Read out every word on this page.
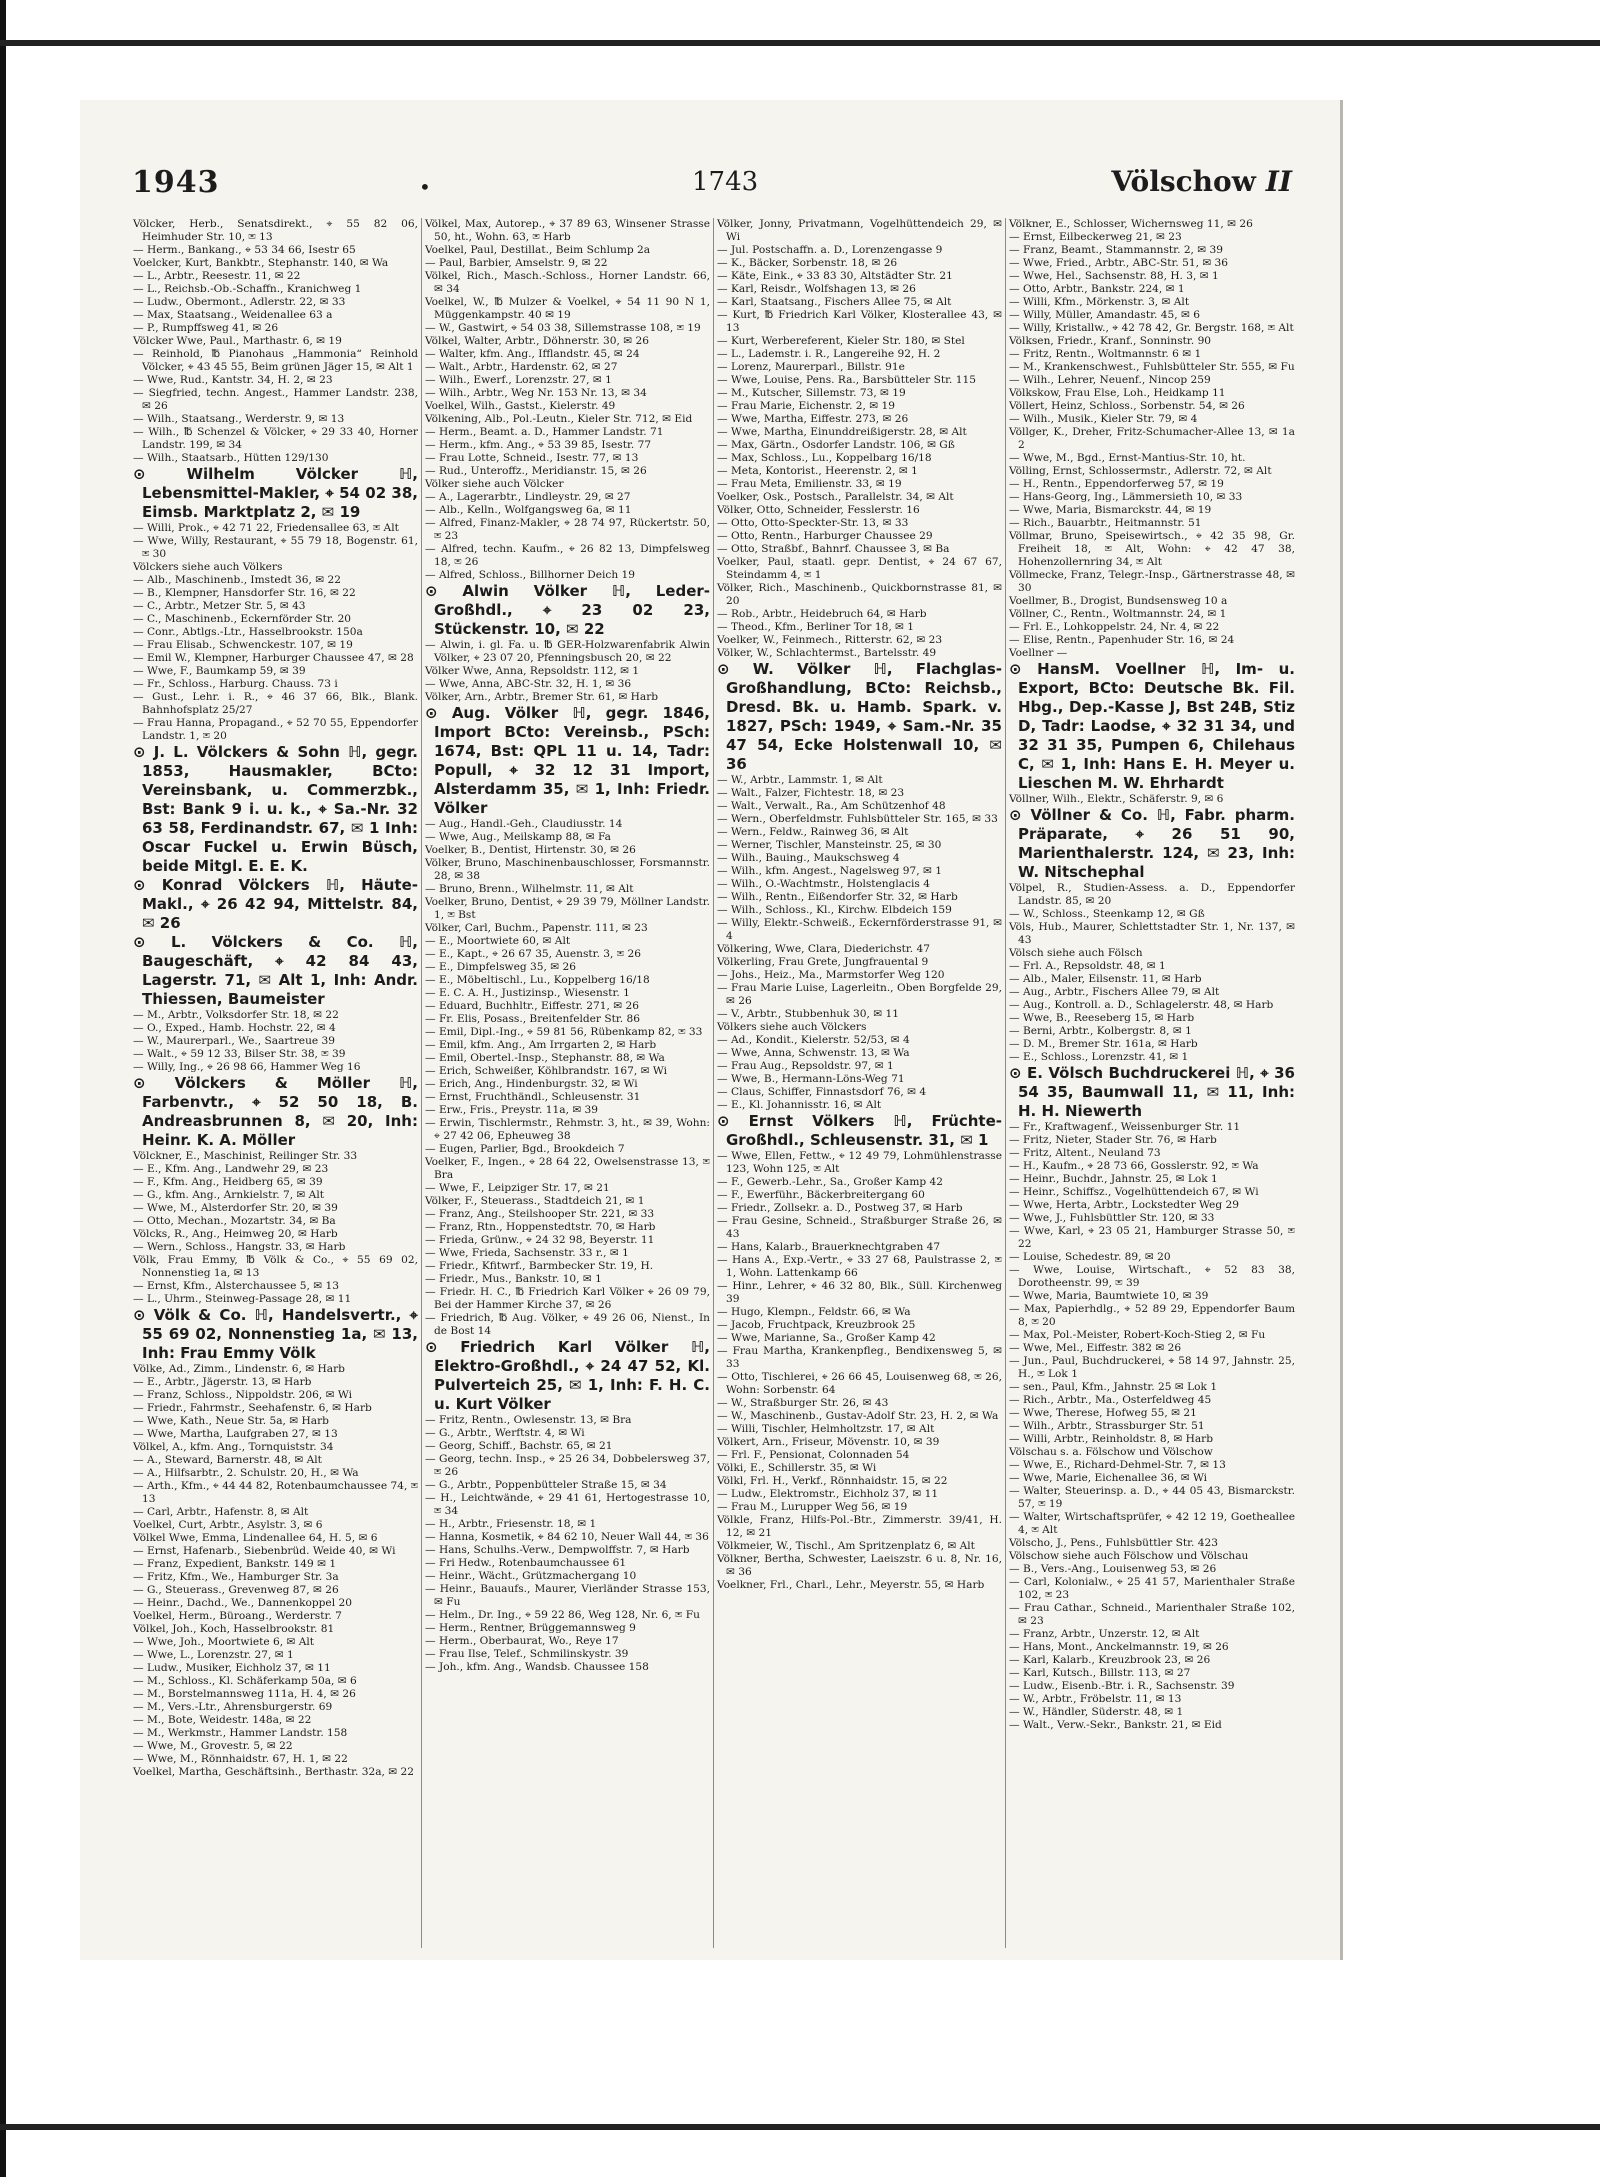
1943	•	1743	Völschow II
Völcker, Herb., Senatsdirekt., ⌖ 55 82 06, Heimhuder Str. 10, ✉ 13
— Herm., Bankang., ⌖ 53 34 66, Isestr 65
Voelcker, Kurt, Bankbtr., Stephanstr. 140, ✉ Wa
— L., Arbtr., Reesestr. 11, ✉ 22
— L., Reichsb.-Ob.-Schaffn., Kranichweg 1
— Ludw., Obermont., Adlerstr. 22, ✉ 33
— Max, Staatsang., Weidenallee 63 a
— P., Rumpffsweg 41, ✉ 26
Völcker Wwe, Paul., Marthastr. 6, ✉ 19
— Reinhold, ℔ Pianohaus „Hammonia“ Reinhold Völcker, ⌖ 43 45 55, Beim grünen Jäger 15, ✉ Alt 1
— Wwe, Rud., Kantstr. 34, H. 2, ✉ 23
— Siegfried, techn. Angest., Hammer Landstr. 238, ✉ 26
— Wilh., Staatsang., Werderstr. 9, ✉ 13
— Wilh., ℔ Schenzel & Völcker, ⌖ 29 33 40, Horner Landstr. 199, ✉ 34
— Wilh., Staatsarb., Hütten 129/130
⊙ Wilhelm Völcker ℍ, Lebensmittel-Makler, ⌖ 54 02 38, Eimsb. Marktplatz 2, ✉ 19
— Willi, Prok., ⌖ 42 71 22, Friedensallee 63, ✉ Alt
— Wwe, Willy, Restaurant, ⌖ 55 79 18, Bogenstr. 61, ✉ 30
Völckers siehe auch Völkers
— Alb., Maschinenb., Imstedt 36, ✉ 22
— B., Klempner, Hansdorfer Str. 16, ✉ 22
— C., Arbtr., Metzer Str. 5, ✉ 43
— C., Maschinenb., Eckernförder Str. 20
— Conr., Abtlgs.-Ltr., Hasselbrookstr. 150a
— Frau Elisab., Schwenckestr. 107, ✉ 19
— Emil W., Klempner, Harburger Chaussee 47, ✉ 28
— Wwe, F., Baumkamp 59, ✉ 39
— Fr., Schloss., Harburg. Chauss. 73 i
— Gust., Lehr. i. R., ⌖ 46 37 66, Blk., Blank. Bahnhofsplatz 25/27
— Frau Hanna, Propagand., ⌖ 52 70 55, Eppendorfer Landstr. 1, ✉ 20
⊙ J. L. Völckers & Sohn ℍ, gegr. 1853, Hausmakler, BCto: Vereinsbank, u. Commerzbk., Bst: Bank 9 i. u. k., ⌖ Sa.-Nr. 32 63 58, Ferdinandstr. 67, ✉ 1 Inh: Oscar Fuckel u. Erwin Büsch, beide Mitgl. E. E. K.
⊙ Konrad Völckers ℍ, Häute-Makl., ⌖ 26 42 94, Mittelstr. 84, ✉ 26
⊙ L. Völckers & Co. ℍ, Baugeschäft, ⌖ 42 84 43, Lagerstr. 71, ✉ Alt 1, Inh: Andr. Thiessen, Baumeister
— M., Arbtr., Volksdorfer Str. 18, ✉ 22
— O., Exped., Hamb. Hochstr. 22, ✉ 4
— W., Maurerparl., We., Saartreue 39
— Walt., ⌖ 59 12 33, Bilser Str. 38, ✉ 39
— Willy, Ing., ⌖ 26 98 66, Hammer Weg 16
⊙ Völckers & Möller ℍ, Farbenvtr., ⌖ 52 50 18, B. Andreasbrunnen 8, ✉ 20, Inh: Heinr. K. A. Möller
Völckner, E., Maschinist, Reilinger Str. 33
— E., Kfm. Ang., Landwehr 29, ✉ 23
— F., Kfm. Ang., Heidberg 65, ✉ 39
— G., kfm. Ang., Arnkielstr. 7, ✉ Alt
— Wwe, M., Alsterdorfer Str. 20, ✉ 39
— Otto, Mechan., Mozartstr. 34, ✉ Ba
Völcks, R., Ang., Heimweg 20, ✉ Harb
— Wern., Schloss., Hangstr. 33, ✉ Harb
Völk, Frau Emmy, ℔ Völk & Co., ⌖ 55 69 02, Nonnenstieg 1a, ✉ 13
— Ernst, Kfm., Alsterchaussee 5, ✉ 13
— L., Uhrm., Steinweg-Passage 28, ✉ 11
⊙ Völk & Co. ℍ, Handelsvertr., ⌖ 55 69 02, Nonnenstieg 1a, ✉ 13, Inh: Frau Emmy Völk
Völke, Ad., Zimm., Lindenstr. 6, ✉ Harb
— E., Arbtr., Jägerstr. 13, ✉ Harb
— Franz, Schloss., Nippoldstr. 206, ✉ Wi
— Friedr., Fahrmstr., Seehafenstr. 6, ✉ Harb
— Wwe, Kath., Neue Str. 5a, ✉ Harb
— Wwe, Martha, Laufgraben 27, ✉ 13
Völkel, A., kfm. Ang., Tornquiststr. 34
— A., Steward, Barnerstr. 48, ✉ Alt
— A., Hilfsarbtr., 2. Schulstr. 20, H., ✉ Wa
— Arth., Kfm., ⌖ 44 44 82, Rotenbaumchaussee 74, ✉ 13
— Carl, Arbtr., Hafenstr. 8, ✉ Alt
Voelkel, Curt, Arbtr., Asylstr. 3, ✉ 6
Völkel Wwe, Emma, Lindenallee 64, H. 5, ✉ 6
— Ernst, Hafenarb., Siebenbrüd. Weide 40, ✉ Wi
— Franz, Expedient, Bankstr. 149 ✉ 1
— Fritz, Kfm., We., Hamburger Str. 3a
— G., Steuerass., Grevenweg 87, ✉ 26
— Heinr., Dachd., We., Dannenkoppel 20
Voelkel, Herm., Büroang., Werderstr. 7
Völkel, Joh., Koch, Hasselbrookstr. 81
— Wwe, Joh., Moortwiete 6, ✉ Alt
— Wwe, L., Lorenzstr. 27, ✉ 1
— Ludw., Musiker, Eichholz 37, ✉ 11
— M., Schloss., Kl. Schäferkamp 50a, ✉ 6
— M., Borstelmannsweg 111a, H. 4, ✉ 26
— M., Vers.-Ltr., Ahrensburgerstr. 69
— M., Bote, Weidestr. 148a, ✉ 22
— M., Werkmstr., Hammer Landstr. 158
— Wwe, M., Grovestr. 5, ✉ 22
— Wwe, M., Rönnhaidstr. 67, H. 1, ✉ 22
Voelkel, Martha, Geschäftsinh., Berthastr. 32a, ✉ 22
Völkel, Max, Autorep., ⌖ 37 89 63, Winsener Strasse 50, ht., Wohn. 63, ✉ Harb
Voelkel, Paul, Destillat., Beim Schlump 2a
— Paul, Barbier, Amselstr. 9, ✉ 22
Völkel, Rich., Masch.-Schloss., Horner Landstr. 66, ✉ 34
Voelkel, W., ℔ Mulzer & Voelkel, ⌖ 54 11 90 N 1, Müggenkampstr. 40 ✉ 19
— W., Gastwirt, ⌖ 54 03 38, Sillemstrasse 108, ✉ 19
Völkel, Walter, Arbtr., Döhnerstr. 30, ✉ 26
— Walter, kfm. Ang., Ifflandstr. 45, ✉ 24
— Walt., Arbtr., Hardenstr. 62, ✉ 27
— Wilh., Ewerf., Lorenzstr. 27, ✉ 1
— Wilh., Arbtr., Weg Nr. 153 Nr. 13, ✉ 34
Voelkel, Wilh., Gastst., Kielerstr. 49
Völkening, Alb., Pol.-Leutn., Kieler Str. 712, ✉ Eid
— Herm., Beamt. a. D., Hammer Landstr. 71
— Herm., kfm. Ang., ⌖ 53 39 85, Isestr. 77
— Frau Lotte, Schneid., Isestr. 77, ✉ 13
— Rud., Unteroffz., Meridianstr. 15, ✉ 26
Völker siehe auch Völcker
— A., Lagerarbtr., Lindleystr. 29, ✉ 27
— Alb., Kelln., Wolfgangsweg 6a, ✉ 11
— Alfred, Finanz-Makler, ⌖ 28 74 97, Rückertstr. 50, ✉ 23
— Alfred, techn. Kaufm., ⌖ 26 82 13, Dimpfelsweg 18, ✉ 26
— Alfred, Schloss., Billhorner Deich 19
⊙ Alwin Völker ℍ, Leder-Großhdl., ⌖ 23 02 23, Stückenstr. 10, ✉ 22
— Alwin, i. gl. Fa. u. ℔ GER-Holzwarenfabrik Alwin Völker, ⌖ 23 07 20, Pfenningsbusch 20, ✉ 22
Völker Wwe, Anna, Repsoldstr. 112, ✉ 1
— Wwe, Anna, ABC-Str. 32, H. 1, ✉ 36
Völker, Arn., Arbtr., Bremer Str. 61, ✉ Harb
⊙ Aug. Völker ℍ, gegr. 1846, Import BCto: Vereinsb., PSch: 1674, Bst: QPL 11 u. 14, Tadr: Popull, ⌖ 32 12 31 Import, Alsterdamm 35, ✉ 1, Inh: Friedr. Völker
— Aug., Handl.-Geh., Claudiusstr. 14
— Wwe, Aug., Meilskamp 88, ✉ Fa
Voelker, B., Dentist, Hirtenstr. 30, ✉ 26
Völker, Bruno, Maschinenbauschlosser, Forsmannstr. 28, ✉ 38
— Bruno, Brenn., Wilhelmstr. 11, ✉ Alt
Voelker, Bruno, Dentist, ⌖ 29 39 79, Möllner Landstr. 1, ✉ Bst
Völker, Carl, Buchm., Papenstr. 111, ✉ 23
— E., Moortwiete 60, ✉ Alt
— E., Kapt., ⌖ 26 67 35, Auenstr. 3, ✉ 26
— E., Dimpfelsweg 35, ✉ 26
— E., Möbeltischl., Lu., Koppelberg 16/18
— E. C. A. H., Justizinsp., Wiesenstr. 1
— Eduard, Buchhltr., Eiffestr. 271, ✉ 26
— Fr. Elis, Posass., Breitenfelder Str. 86
— Emil, Dipl.-Ing., ⌖ 59 81 56, Rübenkamp 82, ✉ 33
— Emil, kfm. Ang., Am Irrgarten 2, ✉ Harb
— Emil, Obertel.-Insp., Stephanstr. 88, ✉ Wa
— Erich, Schweißer, Köhlbrandstr. 167, ✉ Wi
— Erich, Ang., Hindenburgstr. 32, ✉ Wi
— Ernst, Fruchthändl., Schleusenstr. 31
— Erw., Fris., Preystr. 11a, ✉ 39
— Erwin, Tischlermstr., Rehmstr. 3, ht., ✉ 39, Wohn: ⌖ 27 42 06, Epheuweg 38
— Eugen, Parlier, Bgd., Brookdeich 7
Voelker, F., Ingen., ⌖ 28 64 22, Owelsenstrasse 13, ✉ Bra
— Wwe, F., Leipziger Str. 17, ✉ 21
Völker, F., Steuerass., Stadtdeich 21, ✉ 1
— Franz, Ang., Steilshooper Str. 221, ✉ 33
— Franz, Rtn., Hoppenstedtstr. 70, ✉ Harb
— Frieda, Grünw., ⌖ 24 32 98, Beyerstr. 11
— Wwe, Frieda, Sachsenstr. 33 r., ✉ 1
— Friedr., Kfitwrf., Barmbecker Str. 19, H.
— Friedr., Mus., Bankstr. 10, ✉ 1
— Friedr. H. C., ℔ Friedrich Karl Völker ⌖ 26 09 79, Bei der Hammer Kirche 37, ✉ 26
— Friedrich, ℔ Aug. Völker, ⌖ 49 26 06, Nienst., In de Bost 14
⊙ Friedrich Karl Völker ℍ, Elektro-Großhdl., ⌖ 24 47 52, Kl. Pulverteich 25, ✉ 1, Inh: F. H. C. u. Kurt Völker
— Fritz, Rentn., Owlesenstr. 13, ✉ Bra
— G., Arbtr., Werftstr. 4, ✉ Wi
— Georg, Schiff., Bachstr. 65, ✉ 21
— Georg, techn. Insp., ⌖ 25 26 34, Dobbelersweg 37, ✉ 26
— G., Arbtr., Poppenbütteler Straße 15, ✉ 34
— H., Leichtwände, ⌖ 29 41 61, Hertogestrasse 10, ✉ 34
— H., Arbtr., Friesenstr. 18, ✉ 1
— Hanna, Kosmetik, ⌖ 84 62 10, Neuer Wall 44, ✉ 36
— Hans, Schulhs.-Verw., Dempwolffstr. 7, ✉ Harb
— Fri Hedw., Rotenbaumchaussee 61
— Heinr., Wächt., Grützmachergang 10
— Heinr., Bauaufs., Maurer, Vierländer Strasse 153, ✉ Fu
— Helm., Dr. Ing., ⌖ 59 22 86, Weg 128, Nr. 6, ✉ Fu
— Herm., Rentner, Brüggemannsweg 9
— Herm., Oberbaurat, Wo., Reye 17
— Frau Ilse, Telef., Schmilinskystr. 39
— Joh., kfm. Ang., Wandsb. Chaussee 158
Völker, Jonny, Privatmann, Vogelhüttendeich 29, ✉ Wi
— Jul. Postschaffn. a. D., Lorenzengasse 9
— K., Bäcker, Sorbenstr. 18, ✉ 26
— Käte, Eink., ⌖ 33 83 30, Altstädter Str. 21
— Karl, Reisdr., Wolfshagen 13, ✉ 26
— Karl, Staatsang., Fischers Allee 75, ✉ Alt
— Kurt, ℔ Friedrich Karl Völker, Klosterallee 43, ✉ 13
— Kurt, Werbereferent, Kieler Str. 180, ✉ Stel
— L., Lademstr. i. R., Langereihe 92, H. 2
— Lorenz, Maurerparl., Billstr. 91e
— Wwe, Louise, Pens. Ra., Barsbütteler Str. 115
— M., Kutscher, Sillemstr. 73, ✉ 19
— Frau Marie, Eichenstr. 2, ✉ 19
— Wwe, Martha, Eiffestr. 273, ✉ 26
— Wwe, Martha, Einunddreißigerstr. 28, ✉ Alt
— Max, Gärtn., Osdorfer Landstr. 106, ✉ Gß
— Max, Schloss., Lu., Koppelbarg 16/18
— Meta, Kontorist., Heerenstr. 2, ✉ 1
— Frau Meta, Emilienstr. 33, ✉ 19
Voelker, Osk., Postsch., Parallelstr. 34, ✉ Alt
Völker, Otto, Schneider, Fesslerstr. 16
— Otto, Otto-Speckter-Str. 13, ✉ 33
— Otto, Rentn., Harburger Chaussee 29
— Otto, Straßbf., Bahnrf. Chaussee 3, ✉ Ba
Voelker, Paul, staatl. gepr. Dentist, ⌖ 24 67 67, Steindamm 4, ✉ 1
Völker, Rich., Maschinenb., Quickbornstrasse 81, ✉ 20
— Rob., Arbtr., Heidebruch 64, ✉ Harb
— Theod., Kfm., Berliner Tor 18, ✉ 1
Voelker, W., Feinmech., Ritterstr. 62, ✉ 23
Völker, W., Schlachtermst., Bartelsstr. 49
⊙ W. Völker ℍ, Flachglas-Großhandlung, BCto: Reichsb., Dresd. Bk. u. Hamb. Spark. v. 1827, PSch: 1949, ⌖ Sam.-Nr. 35 47 54, Ecke Holstenwall 10, ✉ 36
— W., Arbtr., Lammstr. 1, ✉ Alt
— Walt., Falzer, Fichtestr. 18, ✉ 23
— Walt., Verwalt., Ra., Am Schützenhof 48
— Wern., Oberfeldmstr. Fuhlsbütteler Str. 165, ✉ 33
— Wern., Feldw., Rainweg 36, ✉ Alt
— Werner, Tischler, Mansteinstr. 25, ✉ 30
— Wilh., Bauing., Maukschsweg 4
— Wilh., kfm. Angest., Nagelsweg 97, ✉ 1
— Wilh., O.-Wachtmstr., Holstenglacis 4
— Wilh., Rentn., Eißendorfer Str. 32, ✉ Harb
— Wilh., Schloss., Kl., Kirchw. Elbdeich 159
— Willy, Elektr.-Schweiß., Eckernförderstrasse 91, ✉ 4
Völkering, Wwe, Clara, Diederichstr. 47
Völkerling, Frau Grete, Jungfrauental 9
— Johs., Heiz., Ma., Marmstorfer Weg 120
— Frau Marie Luise, Lagerleitn., Oben Borgfelde 29, ✉ 26
— V., Arbtr., Stubbenhuk 30, ✉ 11
Völkers siehe auch Völckers
— Ad., Kondit., Kielerstr. 52/53, ✉ 4
— Wwe, Anna, Schwenstr. 13, ✉ Wa
— Frau Aug., Repsoldstr. 97, ✉ 1
— Wwe, B., Hermann-Löns-Weg 71
— Claus, Schiffer, Finnastsdorf 76, ✉ 4
— E., Kl. Johannisstr. 16, ✉ Alt
⊙ Ernst Völkers ℍ, Früchte-Großhdl., Schleusenstr. 31, ✉ 1
— Wwe, Ellen, Fettw., ⌖ 12 49 79, Lohmühlenstrasse 123, Wohn 125, ✉ Alt
— F., Gewerb.-Lehr., Sa., Großer Kamp 42
— F., Ewerführ., Bäckerbreitergang 60
— Friedr., Zollsekr. a. D., Postweg 37, ✉ Harb
— Frau Gesine, Schneid., Straßburger Straße 26, ✉ 43
— Hans, Kalarb., Brauerknechtgraben 47
— Hans A., Exp.-Vertr., ⌖ 33 27 68, Paulstrasse 2, ✉ 1, Wohn. Lattenkamp 66
— Hinr., Lehrer, ⌖ 46 32 80, Blk., Süll. Kirchenweg 39
— Hugo, Klempn., Feldstr. 66, ✉ Wa
— Jacob, Fruchtpack, Kreuzbrook 25
— Wwe, Marianne, Sa., Großer Kamp 42
— Frau Martha, Krankenpfleg., Bendixensweg 5, ✉ 33
— Otto, Tischlerei, ⌖ 26 66 45, Louisenweg 68, ✉ 26, Wohn: Sorbenstr. 64
— W., Straßburger Str. 26, ✉ 43
— W., Maschinenb., Gustav-Adolf Str. 23, H. 2, ✉ Wa
— Willi, Tischler, Helmholtzstr. 17, ✉ Alt
Völkert, Arn., Friseur, Mövenstr. 10, ✉ 39
— Frl. F., Pensionat, Colonnaden 54
Völki, E., Schillerstr. 35, ✉ Wi
Völkl, Frl. H., Verkf., Rönnhaidstr. 15, ✉ 22
— Ludw., Elektromstr., Eichholz 37, ✉ 11
— Frau M., Lurupper Weg 56, ✉ 19
Völkle, Franz, Hilfs-Pol.-Btr., Zimmerstr. 39/41, H. 12, ✉ 21
Völkmeier, W., Tischl., Am Spritzenplatz 6, ✉ Alt
Völkner, Bertha, Schwester, Laeiszstr. 6 u. 8, Nr. 16, ✉ 36
Voelkner, Frl., Charl., Lehr., Meyerstr. 55, ✉ Harb
Völkner, E., Schlosser, Wichernsweg 11, ✉ 26
— Ernst, Eilbeckerweg 21, ✉ 23
— Franz, Beamt., Stammannstr. 2, ✉ 39
— Wwe, Fried., Arbtr., ABC-Str. 51, ✉ 36
— Wwe, Hel., Sachsenstr. 88, H. 3, ✉ 1
— Otto, Arbtr., Bankstr. 224, ✉ 1
— Willi, Kfm., Mörkenstr. 3, ✉ Alt
— Willy, Müller, Amandastr. 45, ✉ 6
— Willy, Kristallw., ⌖ 42 78 42, Gr. Bergstr. 168, ✉ Alt
Völksen, Friedr., Kranf., Sonninstr. 90
— Fritz, Rentn., Woltmannstr. 6 ✉ 1
— M., Krankenschwest., Fuhlsbütteler Str. 555, ✉ Fu
— Wilh., Lehrer, Neuenf., Nincop 259
Völkskow, Frau Else, Loh., Heidkamp 11
Völlert, Heinz, Schloss., Sorbenstr. 54, ✉ 26
— Wilh., Musik., Kieler Str. 79, ✉ 4
Völlger, K., Dreher, Fritz-Schumacher-Allee 13, ✉ 1a 2
— Wwe, M., Bgd., Ernst-Mantius-Str. 10, ht.
Völling, Ernst, Schlossermstr., Adlerstr. 72, ✉ Alt
— H., Rentn., Eppendorferweg 57, ✉ 19
— Hans-Georg, Ing., Lämmersieth 10, ✉ 33
— Wwe, Maria, Bismarckstr. 44, ✉ 19
— Rich., Bauarbtr., Heitmannstr. 51
Völlmar, Bruno, Speisewirtsch., ⌖ 42 35 98, Gr. Freiheit 18, ✉ Alt, Wohn: ⌖ 42 47 38, Hohenzollernring 34, ✉ Alt
Völlmecke, Franz, Telegr.-Insp., Gärtnerstrasse 48, ✉ 30
Voellmer, B., Drogist, Bundsensweg 10 a
Völlner, C., Rentn., Woltmannstr. 24, ✉ 1
— Frl. E., Lohkoppelstr. 24, Nr. 4, ✉ 22
— Elise, Rentn., Papenhuder Str. 16, ✉ 24
Voellner —
⊙ HansM. Voellner ℍ, Im- u. Export, BCto: Deutsche Bk. Fil. Hbg., Dep.-Kasse J, Bst 24B, Stiz D, Tadr: Laodse, ⌖ 32 31 34, und 32 31 35, Pumpen 6, Chilehaus C, ✉ 1, Inh: Hans E. H. Meyer u. Lieschen M. W. Ehrhardt
Völlner, Wilh., Elektr., Schäferstr. 9, ✉ 6
⊙ Völlner & Co. ℍ, Fabr. pharm. Präparate, ⌖ 26 51 90, Marienthalerstr. 124, ✉ 23, Inh: W. Nitschephal
Völpel, R., Studien-Assess. a. D., Eppendorfer Landstr. 85, ✉ 20
— W., Schloss., Steenkamp 12, ✉ Gß
Völs, Hub., Maurer, Schlettstadter Str. 1, Nr. 137, ✉ 43
Völsch siehe auch Fölsch
— Frl. A., Repsoldstr. 48, ✉ 1
— Alb., Maler, Eilsenstr. 11, ✉ Harb
— Aug., Arbtr., Fischers Allee 79, ✉ Alt
— Aug., Kontroll. a. D., Schlagelerstr. 48, ✉ Harb
— Wwe, B., Reeseberg 15, ✉ Harb
— Berni, Arbtr., Kolbergstr. 8, ✉ 1
— D. M., Bremer Str. 161a, ✉ Harb
— E., Schloss., Lorenzstr. 41, ✉ 1
⊙ E. Völsch Buchdruckerei ℍ, ⌖ 36 54 35, Baumwall 11, ✉ 11, Inh: H. H. Niewerth
— Fr., Kraftwagenf., Weissenburger Str. 11
— Fritz, Nieter, Stader Str. 76, ✉ Harb
— Fritz, Altent., Neuland 73
— H., Kaufm., ⌖ 28 73 66, Gosslerstr. 92, ✉ Wa
— Heinr., Buchdr., Jahnstr. 25, ✉ Lok 1
— Heinr., Schiffsz., Vogelhüttendeich 67, ✉ Wi
— Wwe, Herta, Arbtr., Lockstedter Weg 29
— Wwe, J., Fuhlsbüttler Str. 120, ✉ 33
— Wwe, Karl, ⌖ 23 05 21, Hamburger Strasse 50, ✉ 22
— Louise, Schedestr. 89, ✉ 20
— Wwe, Louise, Wirtschaft., ⌖ 52 83 38, Dorotheenstr. 99, ✉ 39
— Wwe, Maria, Baumtwiete 10, ✉ 39
— Max, Papierhdlg., ⌖ 52 89 29, Eppendorfer Baum 8, ✉ 20
— Max, Pol.-Meister, Robert-Koch-Stieg 2, ✉ Fu
— Wwe, Mel., Eiffestr. 382 ✉ 26
— Jun., Paul, Buchdruckerei, ⌖ 58 14 97, Jahnstr. 25, H., ✉ Lok 1
— sen., Paul, Kfm., Jahnstr. 25 ✉ Lok 1
— Rich., Arbtr., Ma., Osterfeldweg 45
— Wwe, Therese, Hofweg 55, ✉ 21
— Wilh., Arbtr., Strassburger Str. 51
— Willi, Arbtr., Reinholdstr. 8, ✉ Harb
Völschau s. a. Fölschow und Völschow
— Wwe, E., Richard-Dehmel-Str. 7, ✉ 13
— Wwe, Marie, Eichenallee 36, ✉ Wi
— Walter, Steuerinsp. a. D., ⌖ 44 05 43, Bismarckstr. 57, ✉ 19
— Walter, Wirtschaftsprüfer, ⌖ 42 12 19, Goetheallee 4, ✉ Alt
Völscho, J., Pens., Fuhlsbüttler Str. 423
Völschow siehe auch Fölschow und Völschau
— B., Vers.-Ang., Louisenweg 53, ✉ 26
— Carl, Kolonialw., ⌖ 25 41 57, Marienthaler Straße 102, ✉ 23
— Frau Cathar., Schneid., Marienthaler Straße 102, ✉ 23
— Franz, Arbtr., Unzerstr. 12, ✉ Alt
— Hans, Mont., Anckelmannstr. 19, ✉ 26
— Karl, Kalarb., Kreuzbrook 23, ✉ 26
— Karl, Kutsch., Billstr. 113, ✉ 27
— Ludw., Eisenb.-Btr. i. R., Sachsenstr. 39
— W., Arbtr., Fröbelstr. 11, ✉ 13
— W., Händler, Süderstr. 48, ✉ 1
— Walt., Verw.-Sekr., Bankstr. 21, ✉ Eid
